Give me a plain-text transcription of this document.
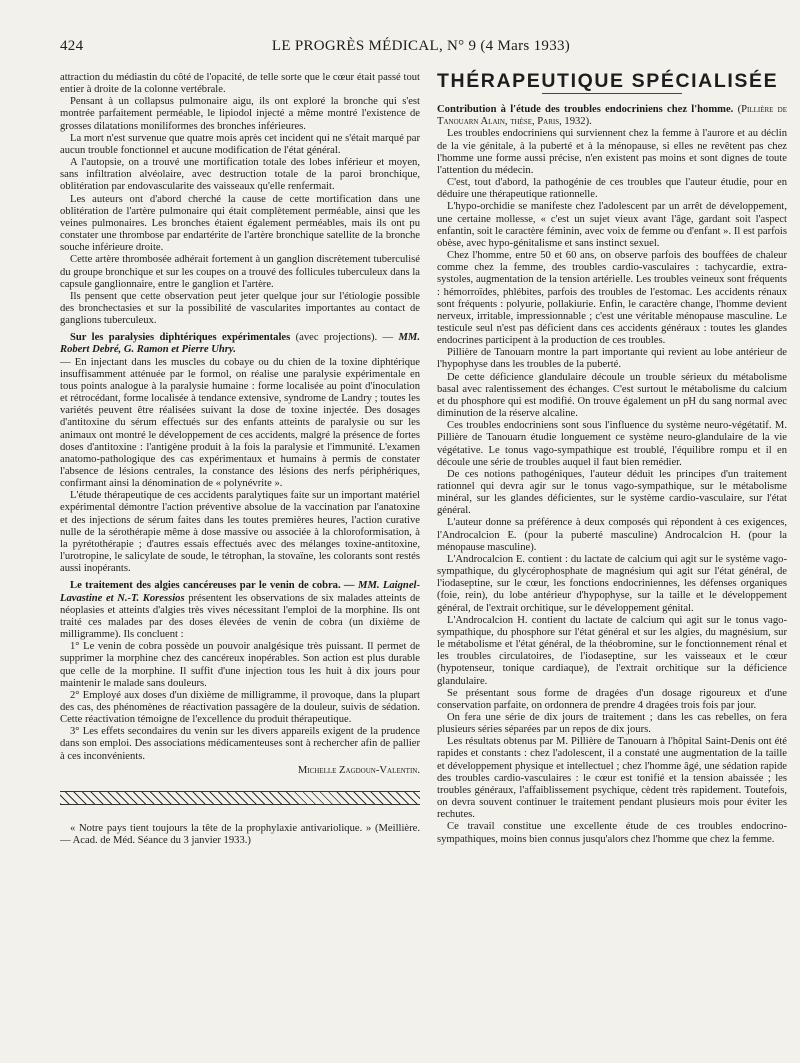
424	LE PROGRÈS MÉDICAL, N° 9 (4 Mars 1933)

attraction du médiastin du côté de l'opacité, de telle sorte que le cœur était passé tout entier à droite de la colonne vertébrale.

Pensant à un collapsus pulmonaire aigu, ils ont exploré la bronche qui s'est montrée parfaitement perméable, le lipiodol injecté a même montré l'existence de grosses dilatations moniliformes des bronches inférieures.

La mort n'est survenue que quatre mois après cet incident qui ne s'était marqué par aucun trouble fonctionnel et aucune modification de l'état général.

A l'autopsie, on a trouvé une mortification totale des lobes inférieur et moyen, sans infiltration alvéolaire, avec destruction totale de la paroi bronchique, oblitération par endovascularite des vaisseaux qu'elle renfermait.

Les auteurs ont d'abord cherché la cause de cette mortification dans une oblitération de l'artère pulmonaire qui était complètement perméable, ainsi que les veines pulmonaires. Les bronches étaient également perméables, mais ils ont pu constater une thrombose par endartérite de l'artère bronchique satellite de la bronche souche inférieure droite.

Cette artère thrombosée adhérait fortement à un ganglion discrètement tuberculisé du groupe bronchique et sur les coupes on a trouvé des follicules tuberculeux dans la capsule ganglionnaire, entre le ganglion et l'artère.

Ils pensent que cette observation peut jeter quelque jour sur l'étiologie possible des bronchectasies et sur la possibilité de vascularites importantes au contact de ganglions tuberculeux.

Sur les paralysies diphtériques expérimentales (avec projections). — MM. Robert Debré, G. Ramon et Pierre Uhry.

— En injectant dans les muscles du cobaye ou du chien de la toxine diphtérique insuffisamment atténuée par le formol, on réalise une paralysie expérimentale en tous points analogue à la paralysie humaine : forme localisée au point d'inoculation et rétrocédant, forme localisée à tendance extensive, syndrome de Landry ; toutes les variétés peuvent être réalisées suivant la dose de toxine injectée. Des dosages d'antitoxine du sérum effectués sur des enfants atteints de paralysie ou sur les animaux ont montré le développement de ces accidents, malgré la présence de fortes doses d'antitoxine : l'antigène produit à la fois la paralysie et l'immunité. L'examen anatomo-pathologique des cas expérimentaux et humains à permis de constater l'absence de lésions centrales, la constance des lésions des nerfs périphériques, confirmant ainsi la dénomination de « polynévrite ».

L'étude thérapeutique de ces accidents paralytiques faite sur un important matériel expérimental démontre l'action préventive absolue de la vaccination par l'anatoxine et des injections de sérum faites dans les toutes premières heures, l'action curative nulle de la sérothérapie même à dose massive ou associée à la chloroformisation, à la pyrétothérapie ; d'autres essais effectués avec des mélanges toxine-antitoxine, l'urotropine, le salicylate de soude, le tétrophan, la stovaïne, les colorants sont restés aussi inopérants.

Le traitement des algies cancéreuses par le venin de cobra. — MM. Laignel-Lavastine et N.-T. Koressios présentent les observations de six malades atteints de néoplasies et atteints d'algies très vives nécessitant l'emploi de la morphine. Ils ont traité ces malades par des doses élevées de venin de cobra (un dixième de milligramme). Ils concluent :

1° Le venin de cobra possède un pouvoir analgésique très puissant. Il permet de supprimer la morphine chez des cancéreux inopérables. Son action est plus durable que celle de la morphine. Il suffit d'une injection tous les huit à dix jours pour maintenir le malade sans douleurs.

2° Employé aux doses d'un dixième de milligramme, il provoque, dans la plupart des cas, des phénomènes de réactivation passagère de la douleur, suivis de sédation. Cette réactivation témoigne de l'excellence du produit thérapeutique.

3° Les effets secondaires du venin sur les divers appareils exigent de la prudence dans son emploi. Des associations médicamenteuses sont à rechercher afin de pallier à ces inconvénients.

Michelle Zagdoun-Valentin.

« Notre pays tient toujours la tête de la prophylaxie antivariolique. » (Meillière. — Acad. de Méd. Séance du 3 janvier 1933.)

THÉRAPEUTIQUE SPÉCIALISÉE

Contribution à l'étude des troubles endocriniens chez l'homme. (Pillière de Tanouarn Alain, thèse, Paris, 1932).

Les troubles endocriniens qui surviennent chez la femme à l'aurore et au déclin de la vie génitale, à la puberté et à la ménopause, si elles ne revêtent pas chez l'homme une forme aussi précise, n'en existent pas moins et sont dignes de toute l'attention du médecin.

C'est, tout d'abord, la pathogénie de ces troubles que l'auteur étudie, pour en déduire une thérapeutique rationnelle.

L'hypo-orchidie se manifeste chez l'adolescent par un arrêt de développement, une certaine mollesse, « c'est un sujet vieux avant l'âge, gardant soit l'aspect enfantin, soit le caractère féminin, avec voix de femme ou d'enfant ». Il est parfois obèse, avec hypo-génitalisme et sans instinct sexuel.

Chez l'homme, entre 50 et 60 ans, on observe parfois des bouffées de chaleur comme chez la femme, des troubles cardio-vasculaires : tachycardie, extra-systoles, augmentation de la tension artérielle. Les troubles veineux sont fréquents : hémorroïdes, phlébites, parfois des troubles de l'estomac. Les accidents rénaux sont fréquents : polyurie, pollakiurie. Enfin, le caractère change, l'homme devient nerveux, irritable, impressionnable ; c'est une véritable ménopause masculine. Le testicule seul n'est pas déficient dans ces accidents généraux : toutes les glandes endocrines participent à la production de ces troubles.

Pillière de Tanouarn montre la part importante qui revient au lobe antérieur de l'hypophyse dans les troubles de la puberté.

De cette déficience glandulaire découle un trouble sérieux du métabolisme basal avec ralentissement des échanges. C'est surtout le métabolisme du calcium et du phosphore qui est modifié. On trouve également un pH du sang normal avec diminution de la réserve alcaline.

Ces troubles endocriniens sont sous l'influence du système neuro-végétatif. M. Pillière de Tanouarn étudie longuement ce système neuro-glandulaire de la vie végétative. Le tonus vago-sympathique est troublé, l'équilibre rompu et il en découle une série de troubles auquel il faut bien remédier.

De ces notions pathogéniques, l'auteur déduit les principes d'un traitement rationnel qui devra agir sur le tonus vago-sympathique, sur le métabolisme minéral, sur les glandes déficientes, sur le système cardio-vasculaire, sur l'état général.

L'auteur donne sa préférence à deux composés qui répondent à ces exigences, l'Androcalcion E. (pour la puberté masculine) Androcalcion H. (pour la ménopause masculine).

L'Androcalcion E. contient : du lactate de calcium qui agit sur le système vago-sympathique, du glycérophosphate de magnésium qui agit sur l'état général, de l'iodaseptine, sur le cœur, les fonctions endocriniennes, les défenses organiques (foie, rein), du lobe antérieur d'hypophyse, sur la taille et le développement général, de l'extrait orchitique, sur le développement génital.

L'Androcalcion H. contient du lactate de calcium qui agit sur le tonus vago-sympathique, du phosphore sur l'état général et sur les algies, du magnésium, sur le métabolisme et l'état général, de la théobromine, sur le fonctionnement rénal et les troubles circulatoires, de l'iodaseptine, sur les vaisseaux et le cœur (hypotenseur, tonique cardiaque), de l'extrait orchitique sur la déficience glandulaire.

Se présentant sous forme de dragées d'un dosage rigoureux et d'une conservation parfaite, on ordonnera de prendre 4 dragées trois fois par jour.

On fera une série de dix jours de traitement ; dans les cas rebelles, on fera plusieurs séries séparées par un repos de dix jours.

Les résultats obtenus par M. Pillière de Tanouarn à l'hôpital Saint-Denis ont été rapides et constants : chez l'adolescent, il a constaté une augmentation de la taille et développement physique et intellectuel ; chez l'homme âgé, une sédation rapide des troubles cardio-vasculaires : le cœur est tonifié et la tension abaissée ; les troubles généraux, l'affaiblissement psychique, cèdent très rapidement. Toutefois, on devra souvent continuer le traitement pendant plusieurs mois pour éviter les rechutes.

Ce travail constitue une excellente étude de ces troubles endocrino-sympathiques, moins bien connus jusqu'alors chez l'homme que chez la femme.
